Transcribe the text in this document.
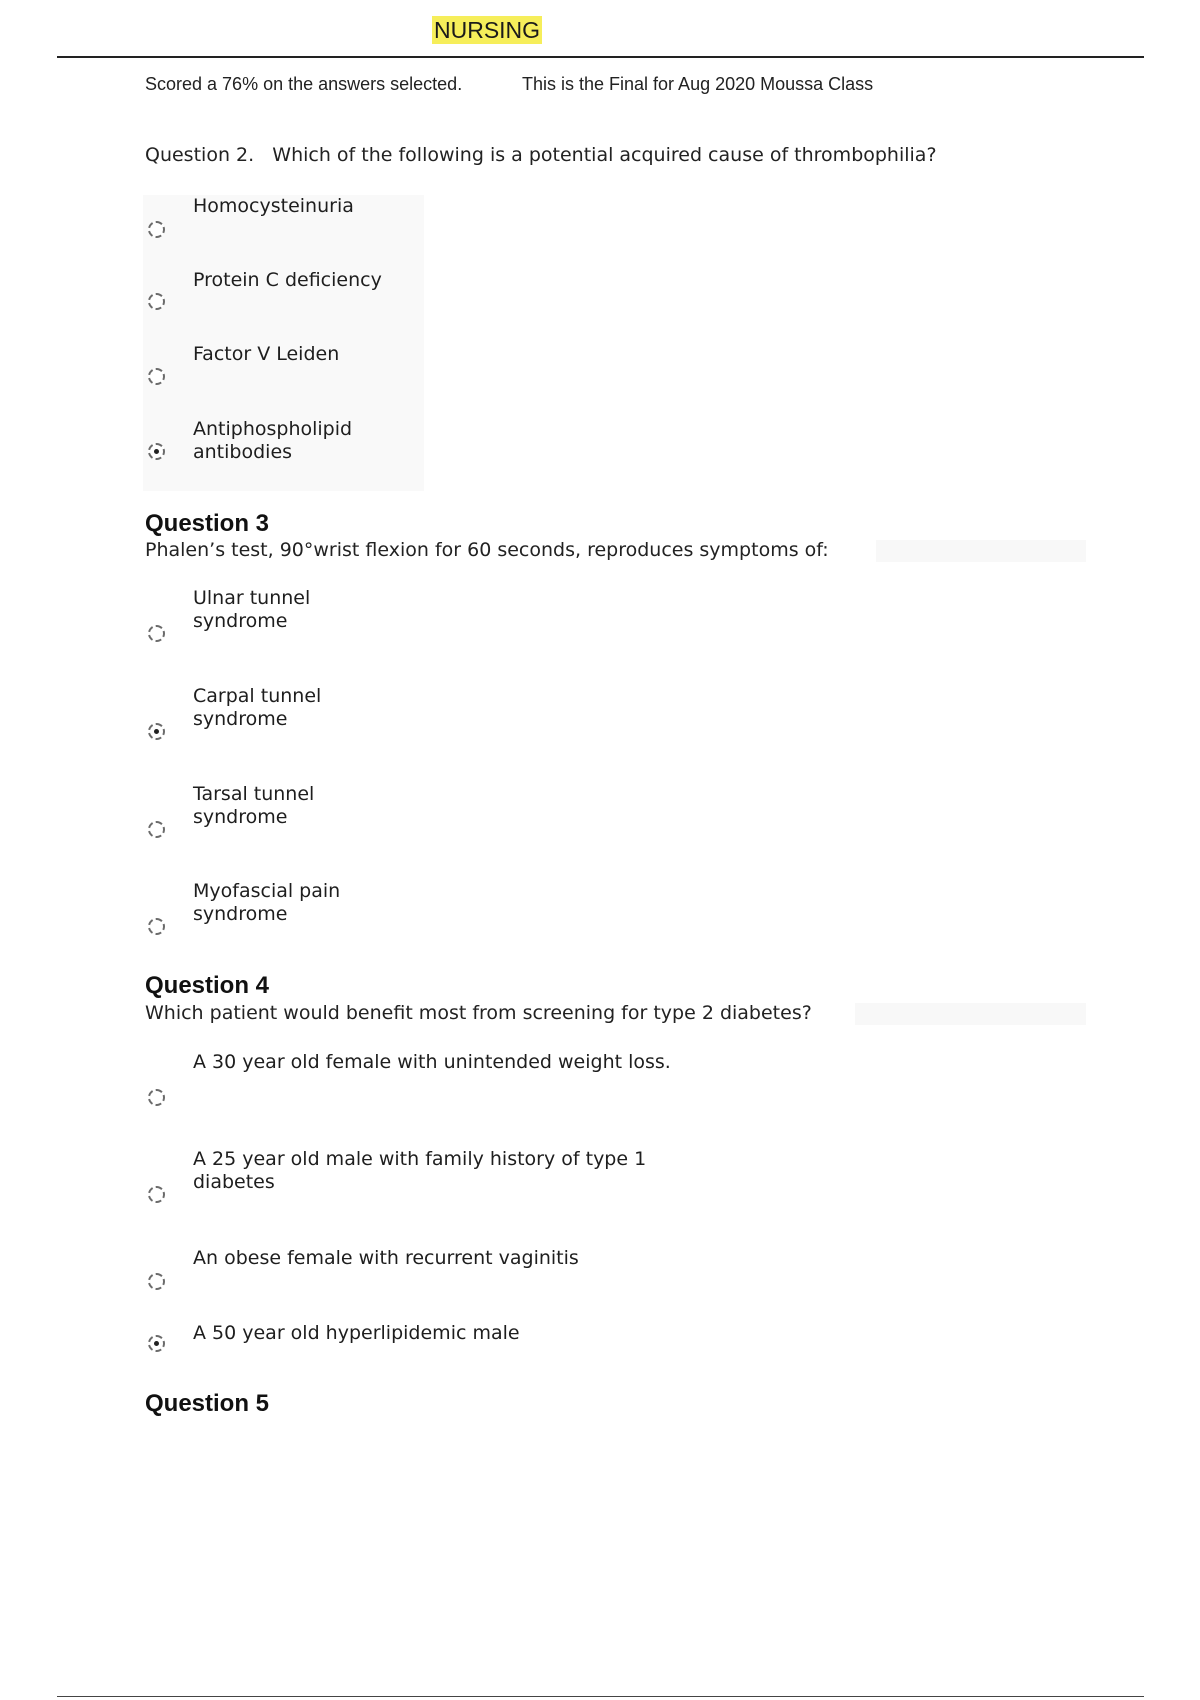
NURSING
Scored a 76% on the answers selected.	This is the Final for Aug 2020 Moussa Class
Question 2. Which of the following is a potential acquired cause of thrombophilia?
Homocysteinuria
Protein C deficiency
Factor V Leiden
Antiphospholipid antibodies
Question 3
Phalen’s test, 90°wrist flexion for 60 seconds, reproduces symptoms of:
Ulnar tunnel syndrome
Carpal tunnel syndrome
Tarsal tunnel syndrome
Myofascial pain syndrome
Question 4
Which patient would benefit most from screening for type 2 diabetes?
A 30 year old female with unintended weight loss.
A 25 year old male with family history of type 1 diabetes
An obese female with recurrent vaginitis
A 50 year old hyperlipidemic male
Question 5
